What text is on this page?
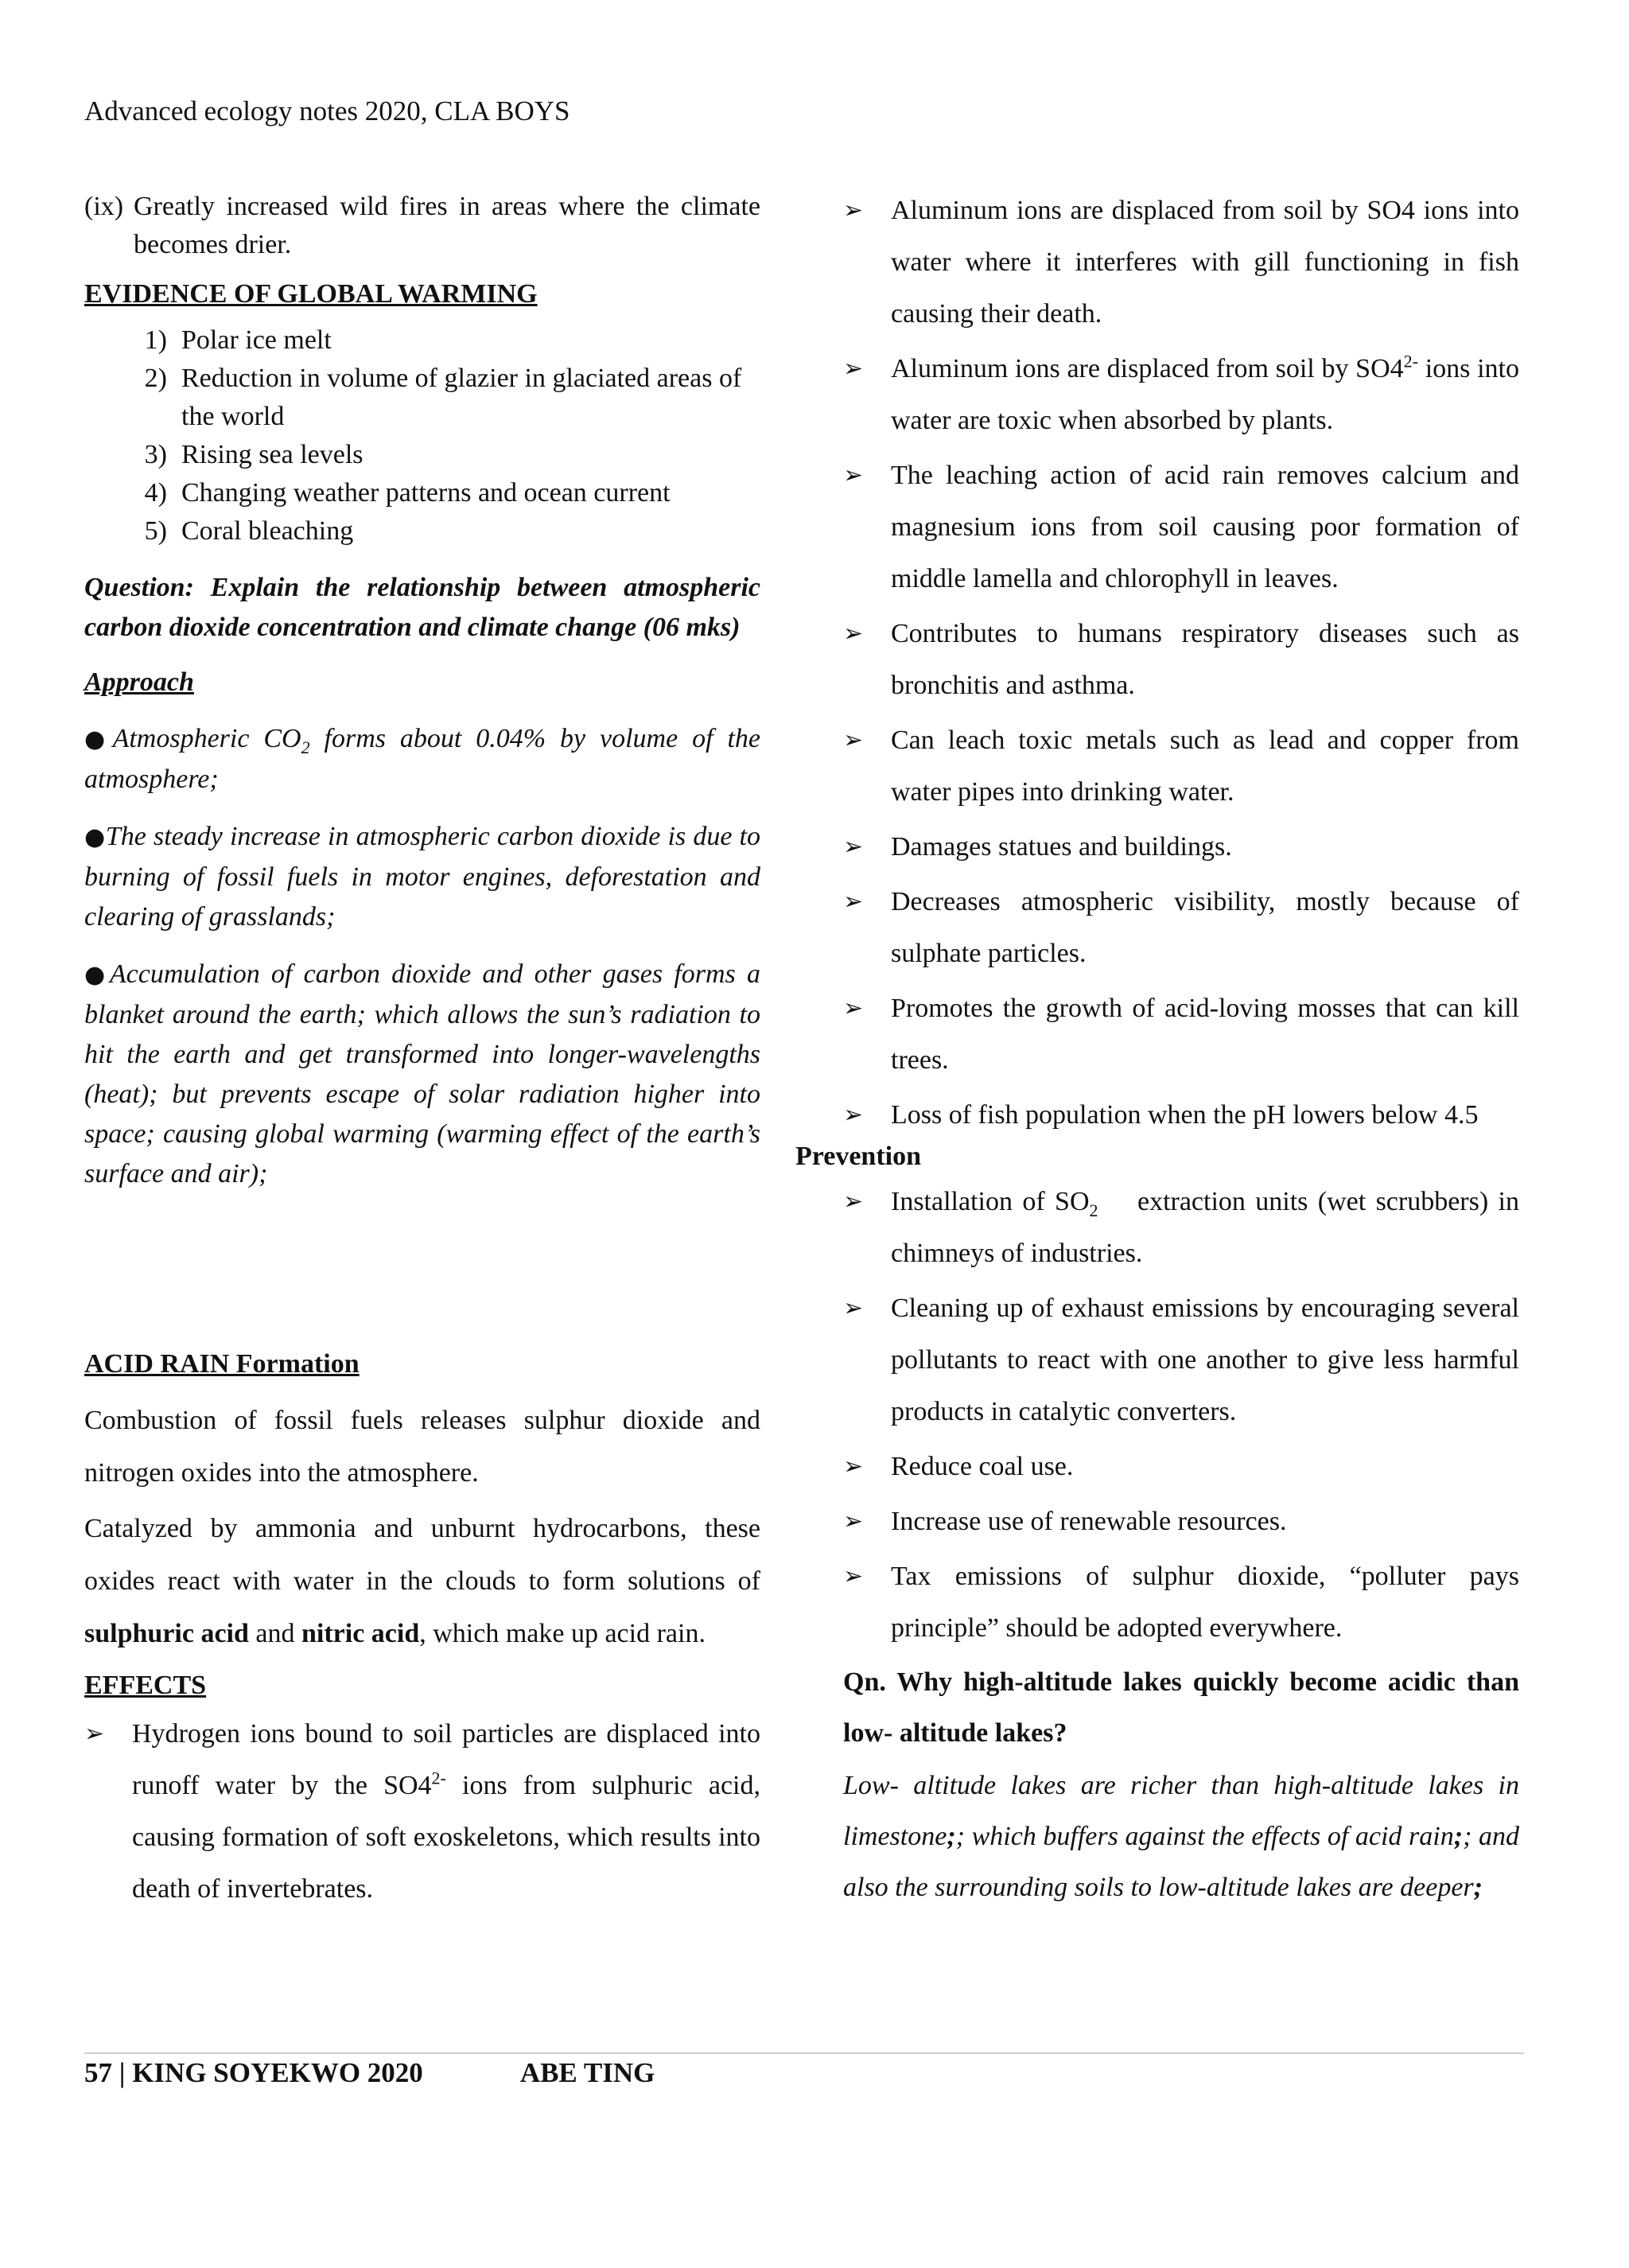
Advanced ecology notes 2020, CLA BOYS
(ix) Greatly increased wild fires in areas where the climate becomes drier.

EVIDENCE OF GLOBAL WARMING

1) Polar ice melt
2) Reduction in volume of glazier in glaciated areas of the world
3) Rising sea levels
4) Changing weather patterns and ocean current
5) Coral bleaching

Question: Explain the relationship between atmospheric carbon dioxide concentration and climate change (06 mks)

Approach

●Atmospheric $CO_2$ forms about 0.04% by volume of the atmosphere;

●The steady increase in atmospheric carbon dioxide is due to burning of fossil fuels in motor engines, deforestation and clearing of grasslands;

●Accumulation of carbon dioxide and other gases forms a blanket around the earth; which allows the sun’s radiation to hit the earth and get transformed into longer-wavelengths (heat); but prevents escape of solar radiation higher into space; causing global warming (warming effect of the earth’s surface and air);

ACID RAIN Formation

Combustion of fossil fuels releases sulphur dioxide and nitrogen oxides into the atmosphere.

Catalyzed by ammonia and unburnt hydrocarbons, these oxides react with water in the clouds to form solutions of sulphuric acid and nitric acid, which make up acid rain.

EFFECTS

➢	Hydrogen ions bound to soil particles are displaced into runoff water by the $SO4^{2-}$ ions from sulphuric acid, causing formation of soft exoskeletons, which results into death of invertebrates.
➢	Aluminum ions are displaced from soil by SO4 ions into water where it interferes with gill functioning in fish causing their death.
➢	Aluminum ions are displaced from soil by $SO4^{2-}$ ions into water are toxic when absorbed by plants.
➢	The leaching action of acid rain removes calcium and magnesium ions from soil causing poor formation of middle lamella and chlorophyll in leaves.
➢	Contributes to humans respiratory diseases such as bronchitis and asthma.
➢	Can leach toxic metals such as lead and copper from water pipes into drinking water.
➢	Damages statues and buildings.
➢	Decreases atmospheric visibility, mostly because of sulphate particles.
➢	Promotes the growth of acid-loving mosses that can kill trees.
➢	Loss of fish population when the pH lowers below 4.5

Prevention

➢	Installation of $SO_2$    extraction units (wet scrubbers) in chimneys of industries.
➢	Cleaning up of exhaust emissions by encouraging several pollutants to react with one another to give less harmful products in catalytic converters.
➢	Reduce coal use.
➢	Increase use of renewable resources.
➢	Tax emissions of sulphur dioxide, “polluter pays principle” should be adopted everywhere.

Qn. Why high-altitude lakes quickly become acidic than low- altitude lakes?

Low- altitude lakes are richer than high-altitude lakes in limestone;; which buffers against the effects of acid rain;; and also the surrounding soils to low-altitude lakes are deeper;

57 | KING SOYEKWO 2020	ABE TING
